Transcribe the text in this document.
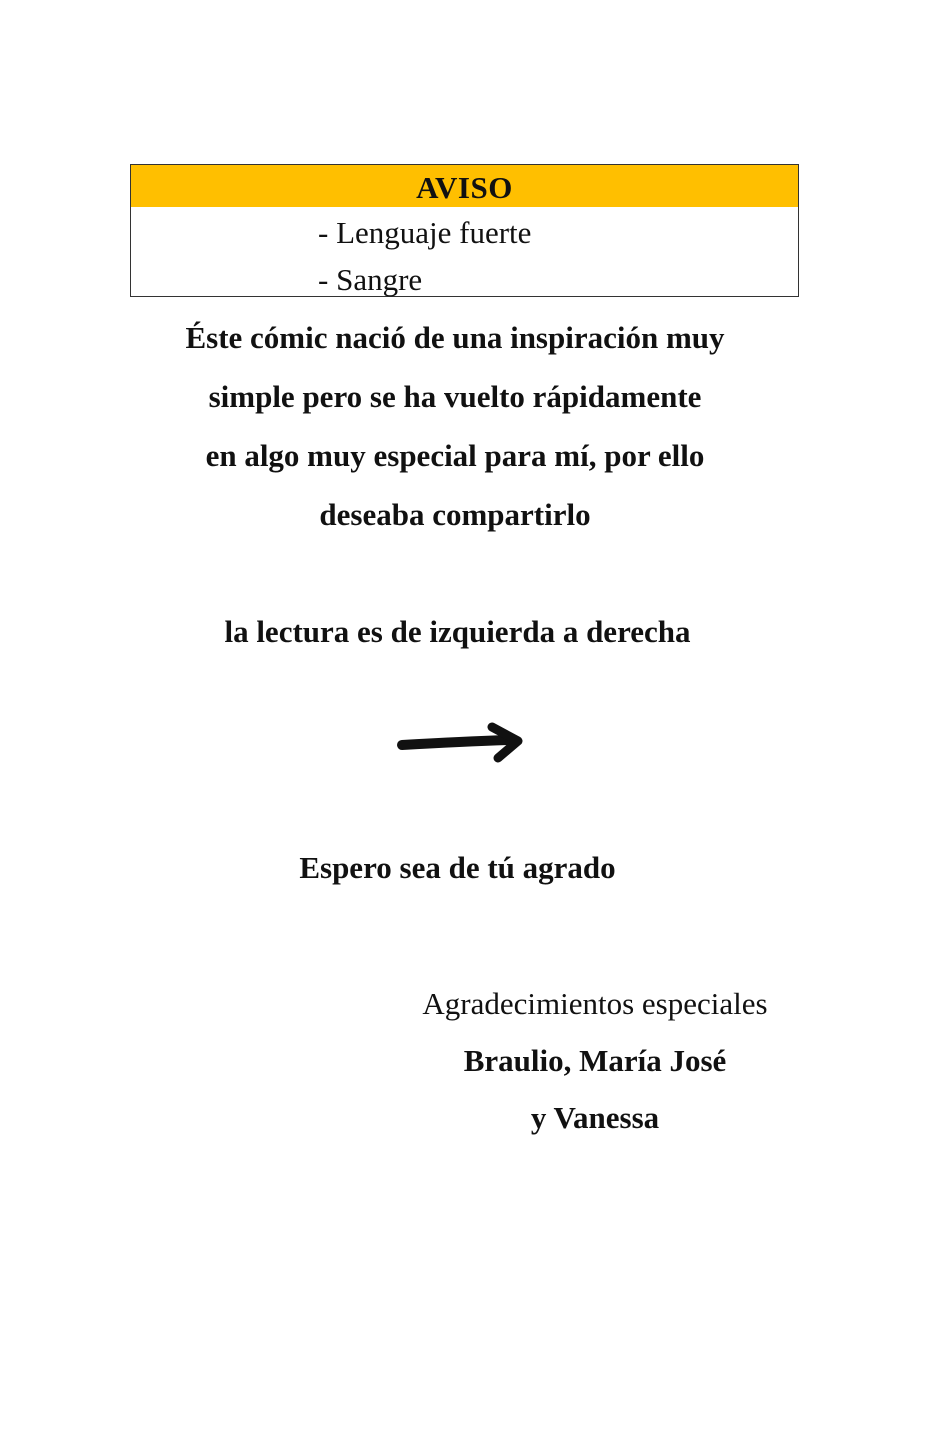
AVISO
- Lenguaje fuerte
- Sangre
Éste cómic nació de una inspiración muy
simple pero se ha vuelto rápidamente
en algo muy especial para mí, por ello
deseaba compartirlo
la lectura es de izquierda a derecha
Espero sea de tú agrado
Agradecimientos especiales
Braulio, María José
y Vanessa
